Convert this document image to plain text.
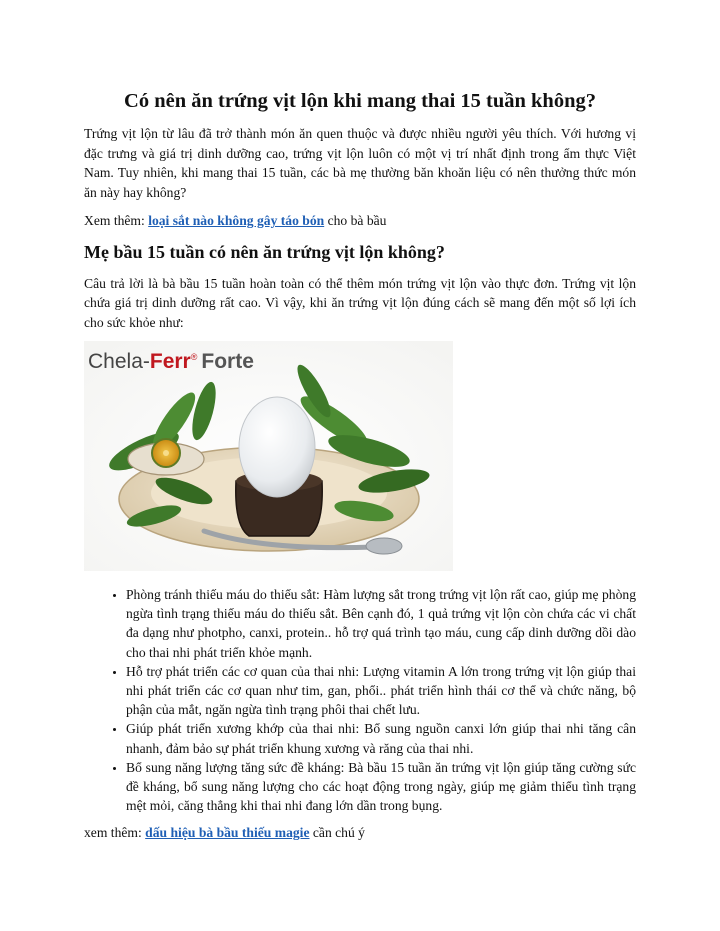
Có nên ăn trứng vịt lộn khi mang thai 15 tuần không?

Trứng vịt lộn từ lâu đã trở thành món ăn quen thuộc và được nhiều người yêu thích. Với hương vị đặc trưng và giá trị dinh dưỡng cao, trứng vịt lộn luôn có một vị trí nhất định trong ẩm thực Việt Nam. Tuy nhiên, khi mang thai 15 tuần, các bà mẹ thường băn khoăn liệu có nên thưởng thức món ăn này hay không?

Xem thêm: loại sắt nào không gây táo bón cho bà bầu

Mẹ bầu 15 tuần có nên ăn trứng vịt lộn không?

Câu trả lời là bà bầu 15 tuần hoàn toàn có thể thêm món trứng vịt lộn vào thực đơn. Trứng vịt lộn chứa giá trị dinh dưỡng rất cao. Vì vậy, khi ăn trứng vịt lộn đúng cách sẽ mang đến một số lợi ích cho sức khỏe như:

Chela-Ferr® Forte
• Phòng tránh thiếu máu do thiếu sắt: Hàm lượng sắt trong trứng vịt lộn rất cao, giúp mẹ phòng ngừa tình trạng thiếu máu do thiếu sắt. Bên cạnh đó, 1 quả trứng vịt lộn còn chứa các vi chất đa dạng như photpho, canxi, protein.. hỗ trợ quá trình tạo máu, cung cấp dinh dưỡng dồi dào cho thai nhi phát triển khỏe mạnh.
• Hỗ trợ phát triển các cơ quan của thai nhi: Lượng vitamin A lớn trong trứng vịt lộn giúp thai nhi phát triển các cơ quan như tim, gan, phổi.. phát triển hình thái cơ thể và chức năng, bộ phận của mắt, ngăn ngừa tình trạng phôi thai chết lưu.
• Giúp phát triển xương khớp của thai nhi: Bổ sung nguồn canxi lớn giúp thai nhi tăng cân nhanh, đảm bảo sự phát triển khung xương và răng của thai nhi.
• Bổ sung năng lượng tăng sức đề kháng: Bà bầu 15 tuần ăn trứng vịt lộn giúp tăng cường sức đề kháng, bổ sung năng lượng cho các hoạt động trong ngày, giúp mẹ giảm thiểu tình trạng mệt mỏi, căng thẳng khi thai nhi đang lớn dần trong bụng.

xem thêm: dấu hiệu bà bầu thiếu magie cần chú ý
